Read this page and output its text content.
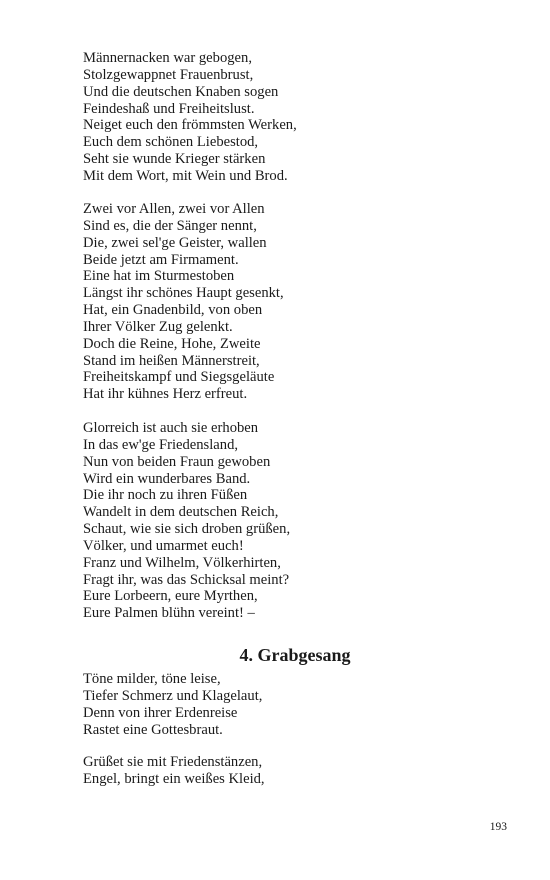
Männernacken war gebogen,
Stolzgewappnet Frauenbrust,
Und die deutschen Knaben sogen
Feindeshaß und Freiheitslust.
Neiget euch den frömmsten Werken,
Euch dem schönen Liebestod,
Seht sie wunde Krieger stärken
Mit dem Wort, mit Wein und Brod.
Zwei vor Allen, zwei vor Allen
Sind es, die der Sänger nennt,
Die, zwei sel'ge Geister, wallen
Beide jetzt am Firmament.
Eine hat im Sturmestoben
Längst ihr schönes Haupt gesenkt,
Hat, ein Gnadenbild, von oben
Ihrer Völker Zug gelenkt.
Doch die Reine, Hohe, Zweite
Stand im heißen Männerstreit,
Freiheitskampf und Siegsgeläute
Hat ihr kühnes Herz erfreut.
Glorreich ist auch sie erhoben
In das ew'ge Friedensland,
Nun von beiden Fraun gewoben
Wird ein wunderbares Band.
Die ihr noch zu ihren Füßen
Wandelt in dem deutschen Reich,
Schaut, wie sie sich droben grüßen,
Völker, und umarmet euch!
Franz und Wilhelm, Völkerhirten,
Fragt ihr, was das Schicksal meint?
Eure Lorbeern, eure Myrthen,
Eure Palmen blühn vereint! –
4. Grabgesang
Töne milder, töne leise,
Tiefer Schmerz und Klagelaut,
Denn von ihrer Erdenreise
Rastet eine Gottesbraut.
Grüßet sie mit Friedenstänzen,
Engel, bringt ein weißes Kleid,
193
